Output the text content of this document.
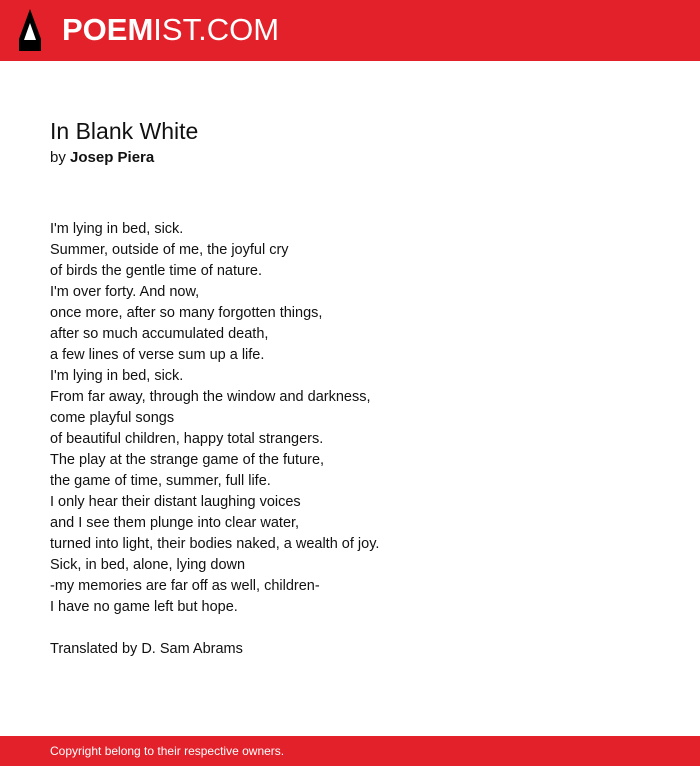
POEMIST.COM
In Blank White
by Josep Piera
I'm lying in bed, sick.
Summer, outside of me, the joyful cry
of birds the gentle time of nature.
I'm over forty. And now,
once more, after so many forgotten things,
after so much accumulated death,
a few lines of verse sum up a life.
I'm lying in bed, sick.
From far away, through the window and darkness,
come playful songs
of beautiful children, happy total strangers.
The play at the strange game of the future,
the game of time, summer, full life.
I only hear their distant laughing voices
and I see them plunge into clear water,
turned into light, their bodies naked, a wealth of joy.
Sick, in bed, alone, lying down
-my memories are far off as well, children-
I have no game left but hope.
Translated by D. Sam Abrams
Copyright belong to their respective owners.
